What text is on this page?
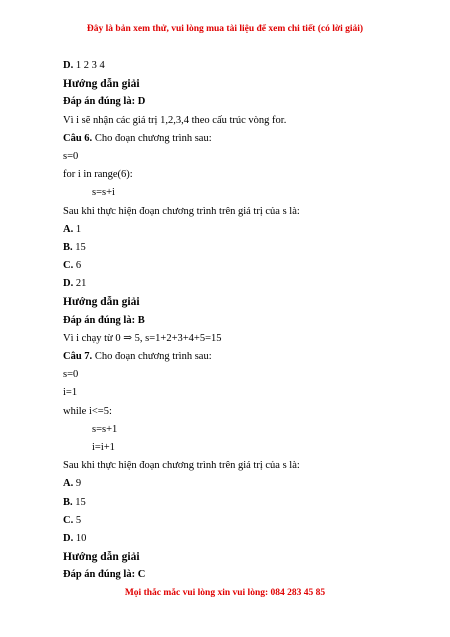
Đây là bản xem thử, vui lòng mua tài liệu để xem chi tiết (có lời giải)
D. 1 2 3 4
Hướng dẫn giải
Đáp án đúng là: D
Vì i sẽ nhận các giá trị 1,2,3,4 theo cấu trúc vòng for.
Câu 6. Cho đoạn chương trình sau:
s=0
for i in range(6):
s=s+i
Sau khi thực hiện đoạn chương trình trên giá trị của s là:
A. 1
B. 15
C. 6
D. 21
Hướng dẫn giải
Đáp án đúng là: B
Vì i chạy từ 0 ⇒ 5, s=1+2+3+4+5=15
Câu 7. Cho đoạn chương trình sau:
s=0
i=1
while i<=5:
s=s+1
i=i+1
Sau khi thực hiện đoạn chương trình trên giá trị của s là:
A. 9
B. 15
C. 5
D. 10
Hướng dẫn giải
Đáp án đúng là: C
Mọi thắc mắc vui lòng xin vui lòng: 084 283 45 85
